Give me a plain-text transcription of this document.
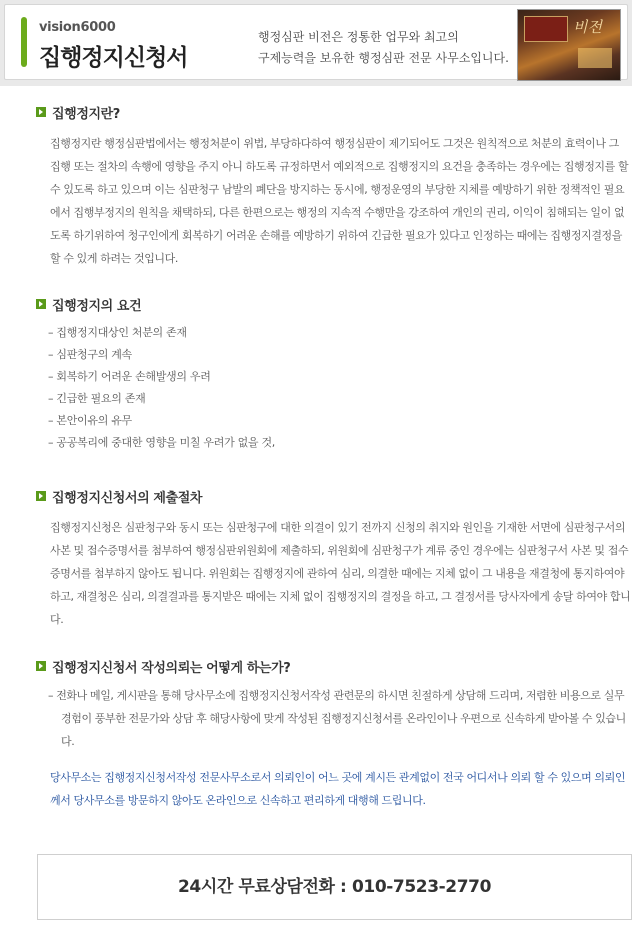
vision6000
집행정지신청서
행정심판 비전은 정통한 업무와 최고의
구제능력을 보유한 행정심판 전문 사무소입니다.
비전
집행정지란?

집행정지란 행정심판법에서는 행정처분이 위법, 부당하다하여 행정심판이 제기되어도 그것은 원칙적으로 처분의 효력이나 그 집행 또는 절차의 속행에 영향을 주지 아니 하도록 규정하면서 예외적으로 집행정지의 요건을 충족하는 경우에는 집행정지를 할 수 있도록 하고 있으며 이는 심판청구 남발의 폐단을 방지하는 동시에, 행정운영의 부당한 지체를 예방하기 위한 정책적인 필요에서 집행부정지의 원칙을 채택하되, 다른 한편으로는 행정의 지속적 수행만을 강조하여 개인의 권리, 이익이 침해되는 일이 없도록 하기위하여 청구인에게 회복하기 어려운 손해를 예방하기 위하여 긴급한 필요가 있다고 인정하는 때에는 집행정지결정을 할 수 있게 하려는 것입니다.

집행정지의 요건
– 집행정지대상인 처분의 존재
– 심판청구의 계속
– 회복하기 어려운 손해발생의 우려
– 긴급한 필요의 존재
– 본안이유의 유무
– 공공복리에 중대한 영향을 미칠 우려가 없을 것,
집행정지신청서의 제출절차

집행정지신청은 심판청구와 동시 또는 심판청구에 대한 의결이 있기 전까지 신청의 취지와 원인을 기재한 서면에 심판청구서의 사본 및 접수증명서를 첨부하여 행정심판위원회에 제출하되, 위원회에 심판청구가 계류 중인 경우에는 심판청구서 사본 및 접수증명서를 첨부하지 않아도 됩니다. 위원회는 집행정지에 관하여 심리, 의결한 때에는 지체 없이 그 내용을 재결청에 통지하여야하고, 재결청은 심리, 의결결과를 통지받은 때에는 지체 없이 집행정지의 결정을 하고, 그 결정서를 당사자에게 송달 하여야 합니다.

집행정지신청서 작성의뢰는 어떻게 하는가?

– 전화나 메일, 게시판을 통해 당사무소에 집행정지신청서작성 관련문의 하시면 친절하게 상담해 드리며, 저렴한 비용으로 실무경험이 풍부한 전문가와 상담 후 해당사항에 맞게 작성된 집행정지신청서를 온라인이나 우편으로 신속하게 받아볼 수 있습니다.

당사무소는 집행정지신청서작성 전문사무소로서 의뢰인이 어느 곳에 계시든 관계없이 전국 어디서나 의뢰 할 수 있으며 의뢰인께서 당사무소를 방문하지 않아도 온라인으로 신속하고 편리하게 대행해 드립니다.

24시간 무료상담전화 : 010-7523-2770
